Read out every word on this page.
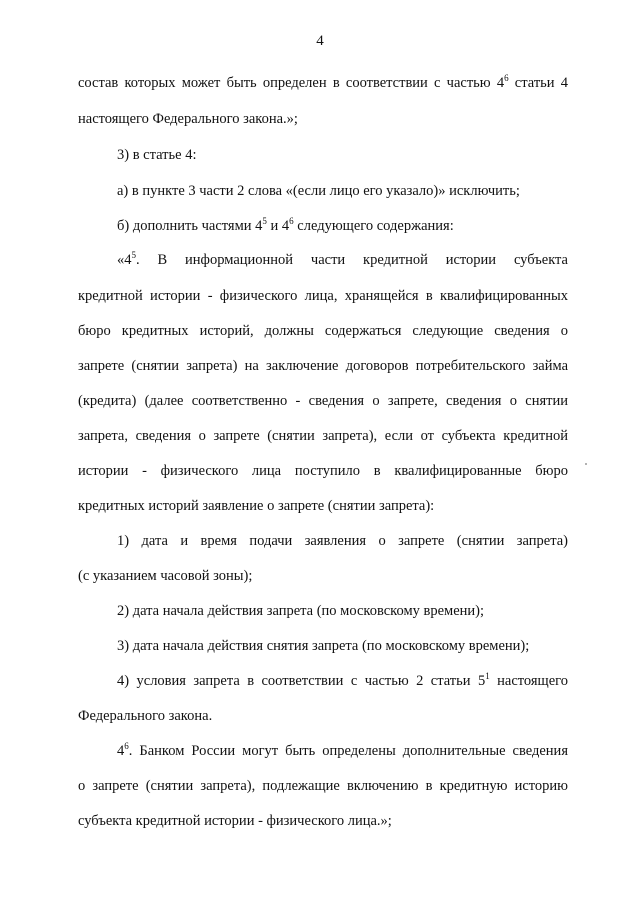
4
состав которых может быть определен в соответствии с частью $4^6$ статьи 4
настоящего Федерального закона.»;
3) в статье 4:
а) в пункте 3 части 2 слова «(если лицо его указало)» исключить;
б) дополнить частями $4^5$ и $4^6$ следующего содержания:
«$4^5$. В информационной части кредитной истории субъекта
кредитной истории - физического лица, хранящейся в квалифицированных
бюро кредитных историй, должны содержаться следующие сведения о
запрете (снятии запрета) на заключение договоров потребительского займа
(кредита) (далее соответственно - сведения о запрете, сведения о снятии
запрета, сведения о запрете (снятии запрета), если от субъекта кредитной
истории - физического лица поступило в квалифицированные бюро
кредитных историй заявление о запрете (снятии запрета):
1) дата и время подачи заявления о запрете (снятии запрета)
(с указанием часовой зоны);
2) дата начала действия запрета (по московскому времени);
3) дата начала действия снятия запрета (по московскому времени);
4) условия запрета в соответствии с частью 2 статьи $5^1$ настоящего
Федерального закона.
$4^6$. Банком России могут быть определены дополнительные сведения
о запрете (снятии запрета), подлежащие включению в кредитную историю
субъекта кредитной истории - физического лица.»;
